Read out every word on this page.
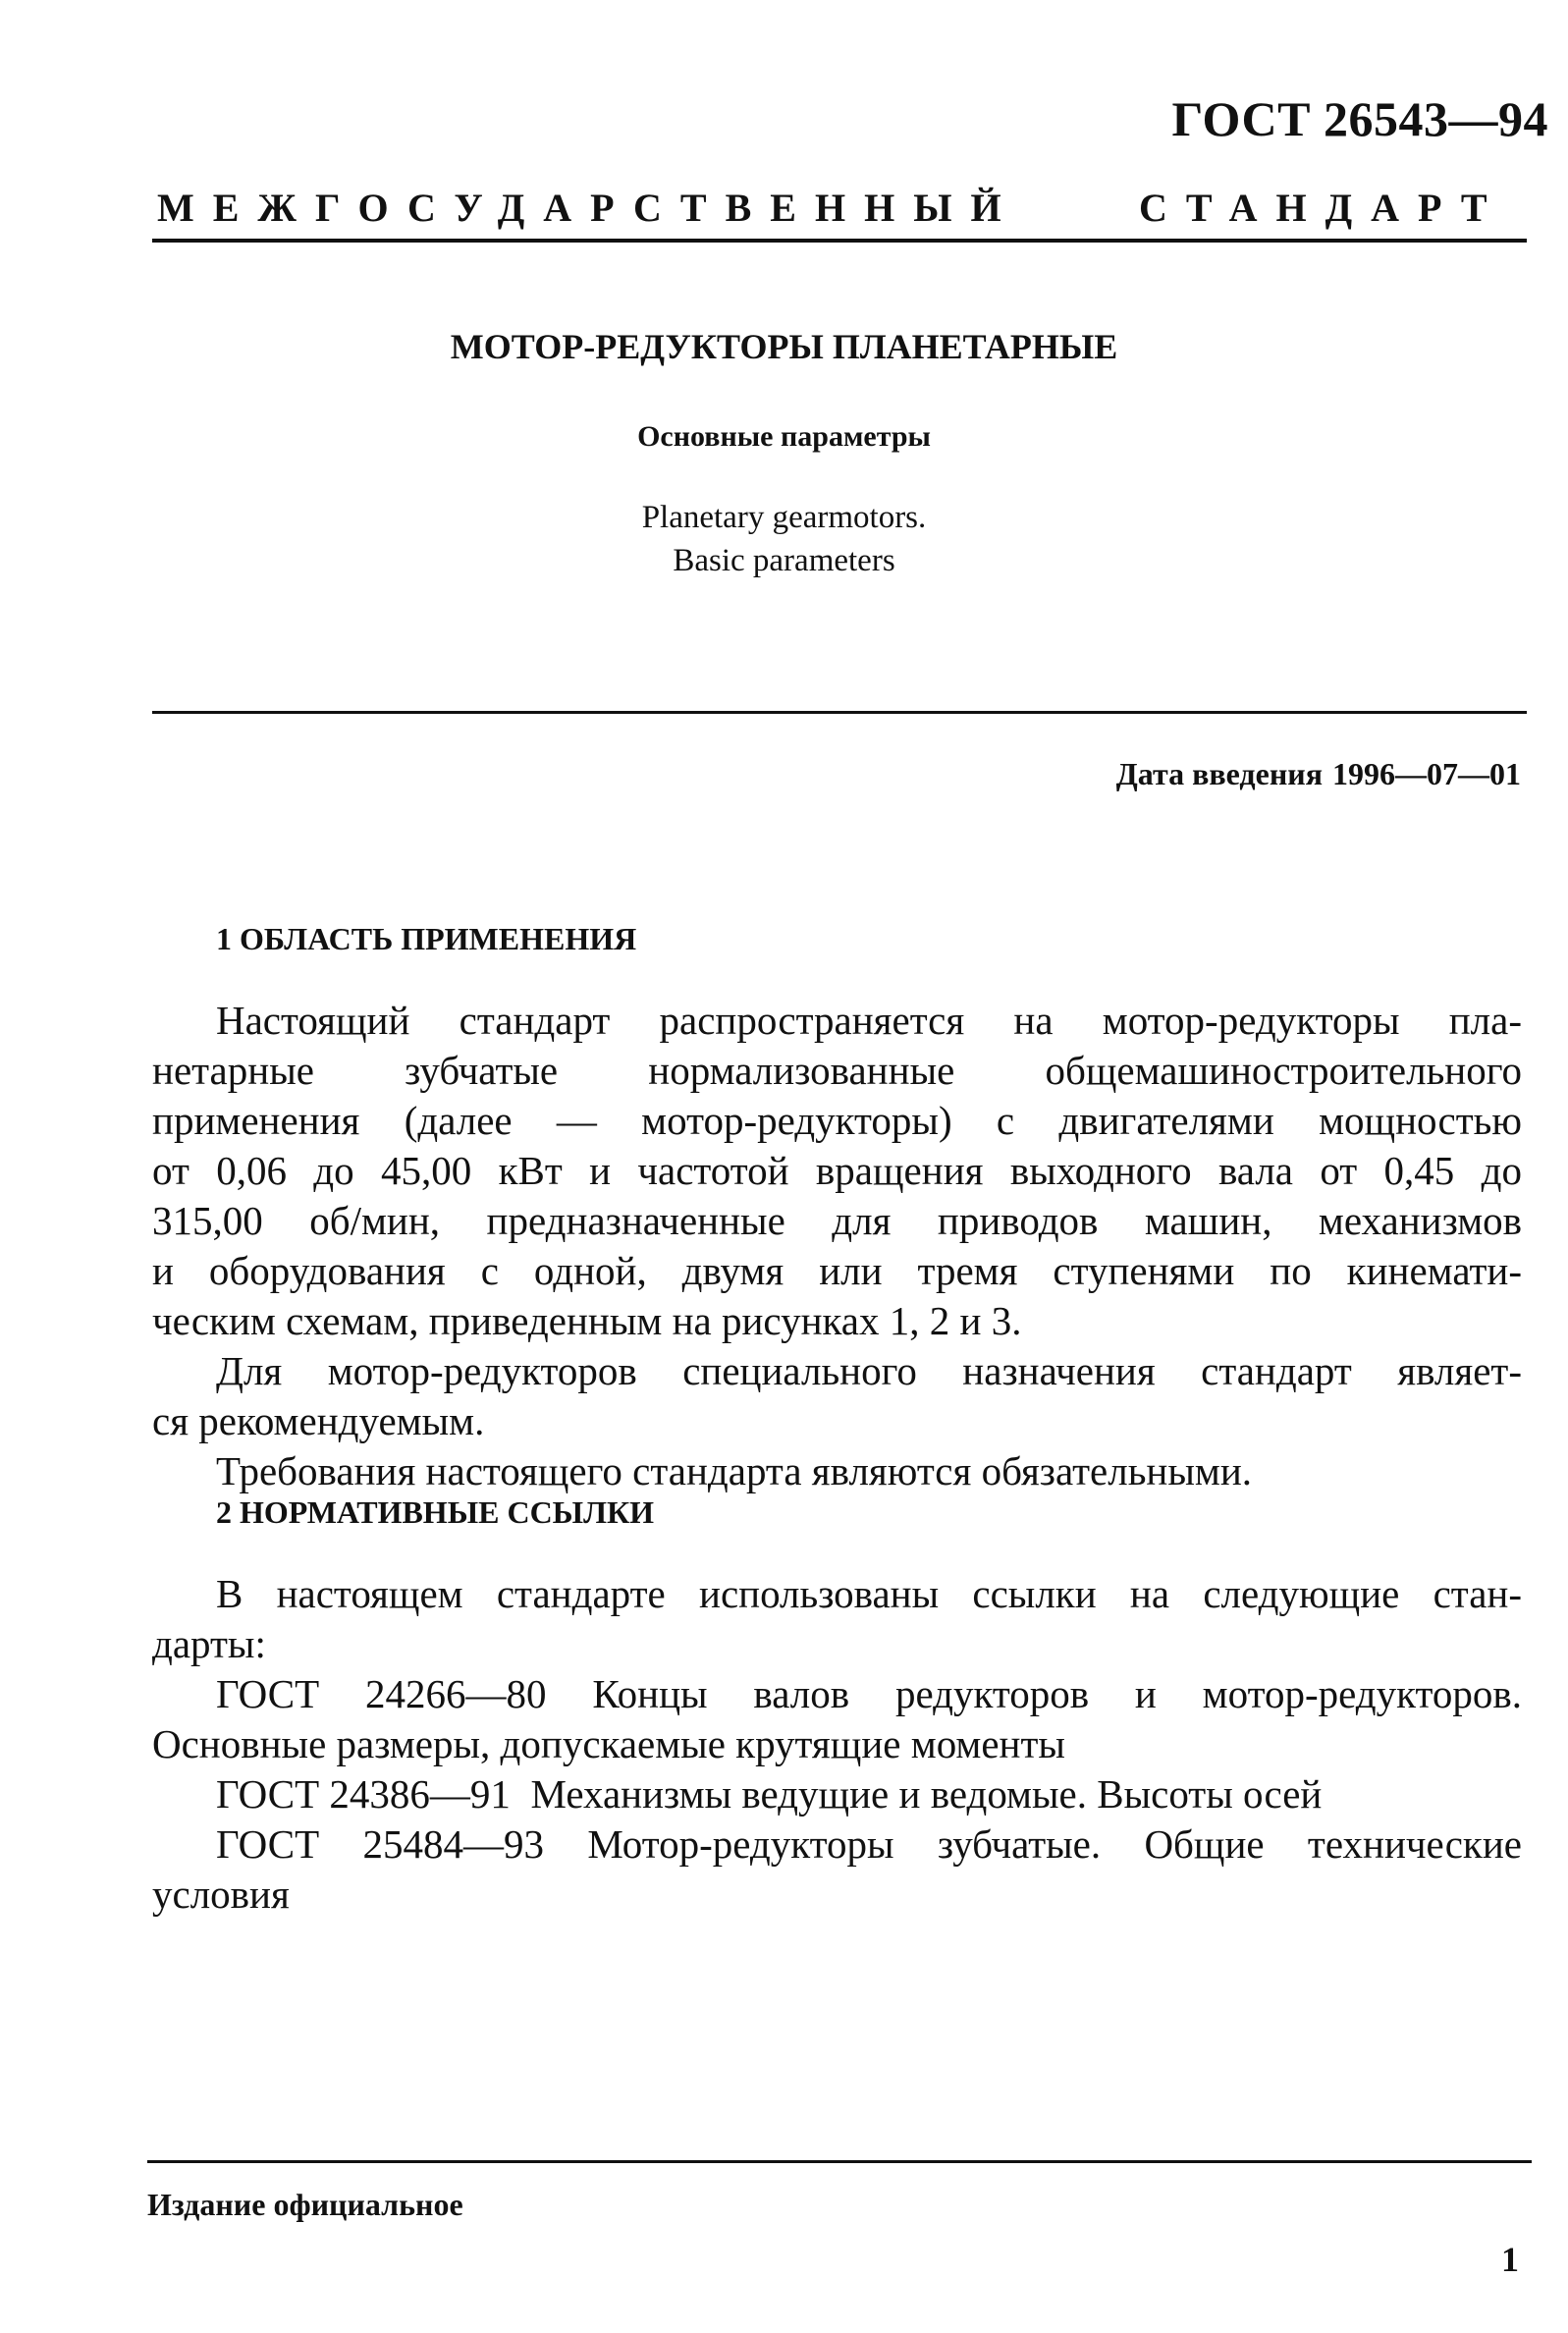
ГОСТ 26543—94
МЕЖГОСУДАРСТВЕННЫЙ	СТАНДАРТ
МОТОР-РЕДУКТОРЫ ПЛАНЕТАРНЫЕ
Основные параметры
Planetary gearmotors.
Basic parameters
Дата введения 1996—07—01
1 ОБЛАСТЬ ПРИМЕНЕНИЯ
Настоящий стандарт распространяется на мотор-редукторы пла-
нетарные зубчатые нормализованные общемашиностроительного
применения (далее — мотор-редукторы) с двигателями мощностью
от 0,06 до 45,00 кВт и частотой вращения выходного вала от 0,45 до
315,00 об/мин, предназначенные для приводов машин, механизмов
и оборудования с одной, двумя или тремя ступенями по кинемати-
ческим схемам, приведенным на рисунках 1, 2 и 3.
Для мотор-редукторов специального назначения стандарт являет-
ся рекомендуемым.
Требования настоящего стандарта являются обязательными.
2 НОРМАТИВНЫЕ ССЫЛКИ
В настоящем стандарте использованы ссылки на следующие стан-
дарты:
ГОСТ 24266—80 Концы валов редукторов и мотор-редукторов.
Основные размеры, допускаемые крутящие моменты
ГОСТ 24386—91 Механизмы ведущие и ведомые. Высоты осей
ГОСТ 25484—93 Мотор-редукторы зубчатые. Общие технические
условия
Издание официальное
1
